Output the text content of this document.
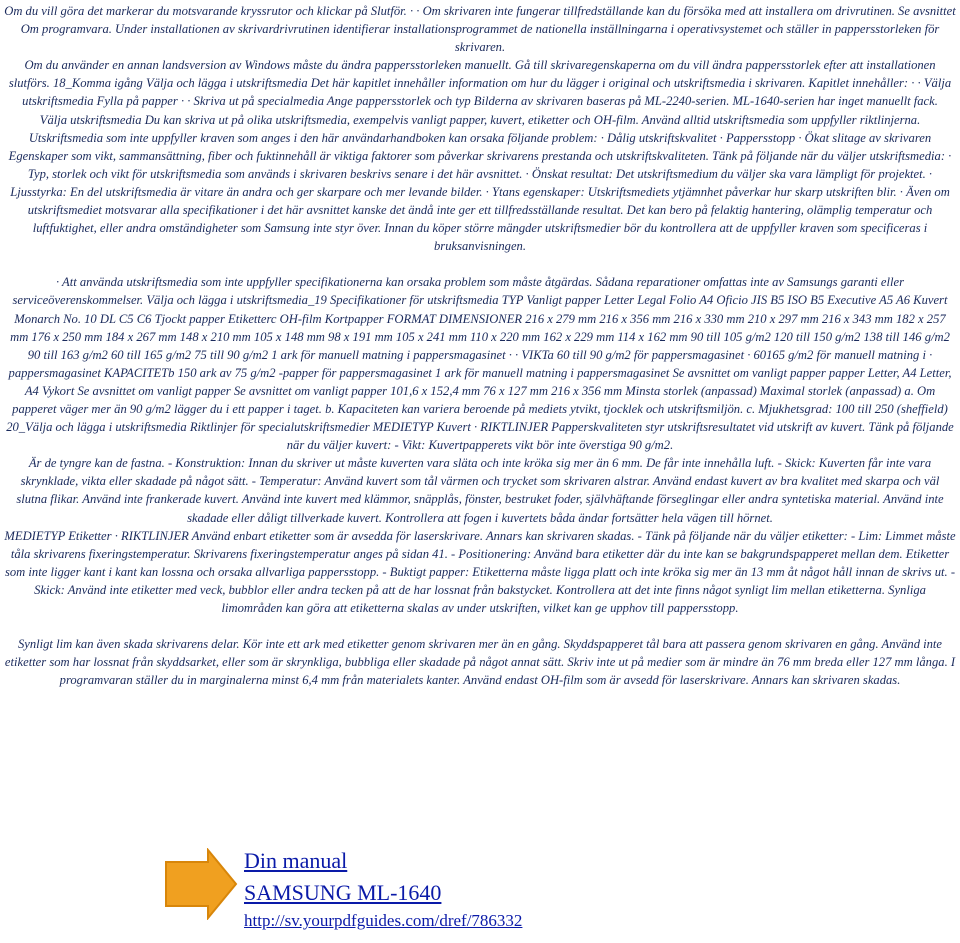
Om du vill göra det markerar du motsvarande kryssrutor och klickar på Slutför. · · Om skrivaren inte fungerar tillfredställande kan du försöka med att installera om drivrutinen. Se avsnittet Om programvara. Under installationen av skrivardrivrutinen identifierar installationsprogrammet de nationella inställningarna i operativsystemet och ställer in pappersstorleken för skrivaren.

Om du använder en annan landsversion av Windows måste du ändra pappersstorleken manuellt. Gå till skrivaregenskaperna om du vill ändra pappersstorlek efter att installationen slutförs. 18_Komma igång Välja och lägga i utskriftsmedia Det här kapitlet innehåller information om hur du lägger i original och utskriftsmedia i skrivaren. Kapitlet innehåller: · · Välja utskriftsmedia Fylla på papper · · Skriva ut på specialmedia Ange pappersstorlek och typ Bilderna av skrivaren baseras på ML-2240-serien. ML-1640-serien har inget manuellt fack.

Välja utskriftsmedia Du kan skriva ut på olika utskriftsmedia, exempelvis vanligt papper, kuvert, etiketter och OH-film. Använd alltid utskriftsmedia som uppfyller riktlinjerna. Utskriftsmedia som inte uppfyller kraven som anges i den här användarhandboken kan orsaka följande problem: · Dålig utskriftskvalitet · Pappersstopp · Ökat slitage av skrivaren Egenskaper som vikt, sammansättning, fiber och fuktinnehåll är viktiga faktorer som påverkar skrivarens prestanda och utskriftskvaliteten. Tänk på följande när du väljer utskriftsmedia: · Typ, storlek och vikt för utskriftsmedia som används i skrivaren beskrivs senare i det här avsnittet. · Önskat resultat: Det utskriftsmedium du väljer ska vara lämpligt för projektet. · Ljusstyrka: En del utskriftsmedia är vitare än andra och ger skarpare och mer levande bilder. · Ytans egenskaper: Utskriftsmediets ytjämnhet påverkar hur skarp utskriften blir. · Även om utskriftsmediet motsvarar alla specifikationer i det här avsnittet kanske det ändå inte ger ett tillfredsställande resultat. Det kan bero på felaktig hantering, olämplig temperatur och luftfuktighet, eller andra omständigheter som Samsung inte styr över. Innan du köper större mängder utskriftsmedier bör du kontrollera att de uppfyller kraven som specificeras i bruksanvisningen.

· Att använda utskriftsmedia som inte uppfyller specifikationerna kan orsaka problem som måste åtgärdas. Sådana reparationer omfattas inte av Samsungs garanti eller serviceöverenskommelser. Välja och lägga i utskriftsmedia_19 Specifikationer för utskriftsmedia TYP Vanligt papper Letter Legal Folio A4 Oficio JIS B5 ISO B5 Executive A5 A6 Kuvert Monarch No. 10 DL C5 C6 Tjockt papper Etiketterc OH-film Kortpapper FORMAT DIMENSIONER 216 x 279 mm 216 x 356 mm 216 x 330 mm 210 x 297 mm 216 x 343 mm 182 x 257 mm 176 x 250 mm 184 x 267 mm 148 x 210 mm 105 x 148 mm 98 x 191 mm 105 x 241 mm 110 x 220 mm 162 x 229 mm 114 x 162 mm 90 till 105 g/m2 120 till 150 g/m2 138 till 146 g/m2 90 till 163 g/m2 60 till 165 g/m2 75 till 90 g/m2 1 ark för manuell matning i pappersmagasinet · · VIKTa 60 till 90 g/m2 för pappersmagasinet · 60165 g/m2 för manuell matning i · pappersmagasinet KAPACITETb 150 ark av 75 g/m2 -papper för pappersmagasinet 1 ark för manuell matning i pappersmagasinet Se avsnittet om vanligt papper papper Letter, A4 Letter, A4 Vykort Se avsnittet om vanligt papper Se avsnittet om vanligt papper 101,6 x 152,4 mm 76 x 127 mm 216 x 356 mm Minsta storlek (anpassad) Maximal storlek (anpassad) a. Om papperet väger mer än 90 g/m2 lägger du i ett papper i taget. b. Kapaciteten kan variera beroende på mediets ytvikt, tjocklek och utskriftsmiljön. c. Mjukhetsgrad: 100 till 250 (sheffield) 20_Välja och lägga i utskriftsmedia Riktlinjer för specialutskriftsmedier MEDIETYP Kuvert · RIKTLINJER Papperskvaliteten styr utskriftsresultatet vid utskrift av kuvert. Tänk på följande när du väljer kuvert: - Vikt: Kuvertpapperets vikt bör inte överstiga 90 g/m2.

Är de tyngre kan de fastna. - Konstruktion: Innan du skriver ut måste kuverten vara släta och inte kröka sig mer än 6 mm. De får inte innehålla luft. - Skick: Kuverten får inte vara skrynklade, vikta eller skadade på något sätt. - Temperatur: Använd kuvert som tål värmen och trycket som skrivaren alstrar. Använd endast kuvert av bra kvalitet med skarpa och väl slutna flikar. Använd inte frankerade kuvert. Använd inte kuvert med klämmor, snäpplås, fönster, bestruket foder, självhäftande förseglingar eller andra syntetiska material. Använd inte skadade eller dåligt tillverkade kuvert. Kontrollera att fogen i kuvertets båda ändar fortsätter hela vägen till hörnet.

MEDIETYP Etiketter · RIKTLINJER Använd enbart etiketter som är avsedda för laserskrivare. Annars kan skrivaren skadas. - Tänk på följande när du väljer etiketter: - Lim: Limmet måste tåla skrivarens fixeringstemperatur. Skrivarens fixeringstemperatur anges på sidan 41. - Positionering: Använd bara etiketter där du inte kan se bakgrundspapperet mellan dem. Etiketter som inte ligger kant i kant kan lossna och orsaka allvarliga pappersstopp. - Buktigt papper: Etiketterna måste ligga platt och inte kröka sig mer än 13 mm åt något håll innan de skrivs ut. - Skick: Använd inte etiketter med veck, bubblor eller andra tecken på att de har lossnat från bakstycket. Kontrollera att det inte finns något synligt lim mellan etiketterna. Synliga limområden kan göra att etiketterna skalas av under utskriften, vilket kan ge upphov till pappersstopp.

Synligt lim kan även skada skrivarens delar. Kör inte ett ark med etiketter genom skrivaren mer än en gång. Skyddspapperet tål bara att passera genom skrivaren en gång. Använd inte etiketter som har lossnat från skyddsarket, eller som är skrynkliga, bubbliga eller skadade på något annat sätt. Skriv inte ut på medier som är mindre än 76 mm breda eller 127 mm långa. I programvaran ställer du in marginalerna minst 6,4 mm från materialets kanter. Använd endast OH-film som är avsedd för laserskrivare. Annars kan skrivaren skadas.

Din manual
SAMSUNG ML-1640
http://sv.yourpdfguides.com/dref/786332
